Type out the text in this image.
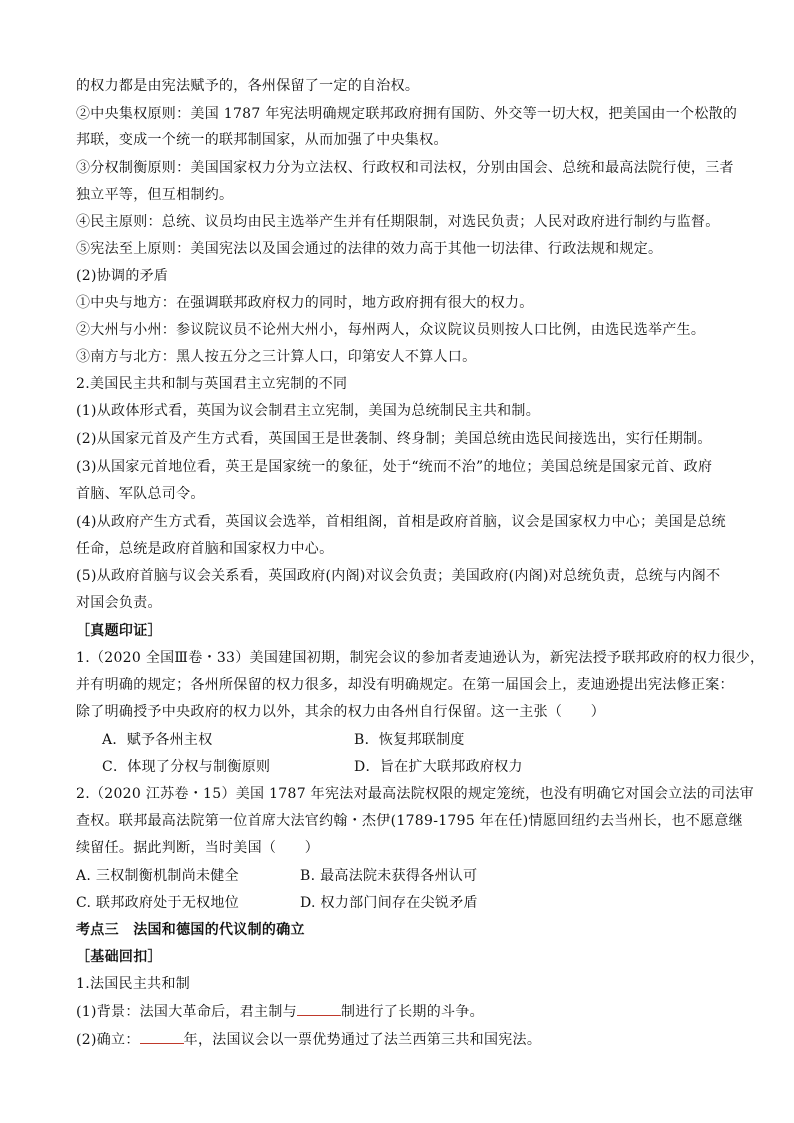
的权力都是由宪法赋予的，各州保留了一定的自治权。
②中央集权原则：美国 1787 年宪法明确规定联邦政府拥有国防、外交等一切大权，把美国由一个松散的
邦联，变成一个统一的联邦制国家，从而加强了中央集权。
③分权制衡原则：美国国家权力分为立法权、行政权和司法权，分别由国会、总统和最高法院行使，三者
独立平等，但互相制约。
④民主原则：总统、议员均由民主选举产生并有任期限制，对选民负责；人民对政府进行制约与监督。
⑤宪法至上原则：美国宪法以及国会通过的法律的效力高于其他一切法律、行政法规和规定。
(2)协调的矛盾
①中央与地方：在强调联邦政府权力的同时，地方政府拥有很大的权力。
②大州与小州：参议院议员不论州大州小，每州两人，众议院议员则按人口比例，由选民选举产生。
③南方与北方：黑人按五分之三计算人口，印第安人不算人口。
2.美国民主共和制与英国君主立宪制的不同
(1)从政体形式看，英国为议会制君主立宪制，美国为总统制民主共和制。
(2)从国家元首及产生方式看，英国国王是世袭制、终身制；美国总统由选民间接选出，实行任期制。
(3)从国家元首地位看，英王是国家统一的象征，处于“统而不治”的地位；美国总统是国家元首、政府
首脑、军队总司令。
(4)从政府产生方式看，英国议会选举，首相组阁，首相是政府首脑，议会是国家权力中心；美国是总统
任命，总统是政府首脑和国家权力中心。
(5)从政府首脑与议会关系看，英国政府(内阁)对议会负责；美国政府(内阁)对总统负责，总统与内阁不
对国会负责。
［真题印证］
1.（2020 全国Ⅲ卷・33）美国建国初期，制宪会议的参加者麦迪逊认为，新宪法授予联邦政府的权力很少，
并有明确的规定；各州所保留的权力很多，却没有明确规定。在第一届国会上，麦迪逊提出宪法修正案：
除了明确授予中央政府的权力以外，其余的权力由各州自行保留。这一主张（　　）
A．赋予各州主权	B．恢复邦联制度
C．体现了分权与制衡原则	D．旨在扩大联邦政府权力
2.（2020 江苏卷・15）美国 1787 年宪法对最高法院权限的规定笼统，也没有明确它对国会立法的司法审
查权。联邦最高法院第一位首席大法官约翰・杰伊(1789-1795 年在任)情愿回纽约去当州长，也不愿意继
续留任。据此判断，当时美国（　　）
A. 三权制衡机制尚未健全	B. 最高法院未获得各州认可
C. 联邦政府处于无权地位	D. 权力部门间存在尖锐矛盾
考点三　法国和德国的代议制的确立
［基础回扣］
1.法国民主共和制
(1)背景：法国大革命后，君主制与	制进行了长期的斗争。
(2)确立：	年，法国议会以一票优势通过了法兰西第三共和国宪法。
